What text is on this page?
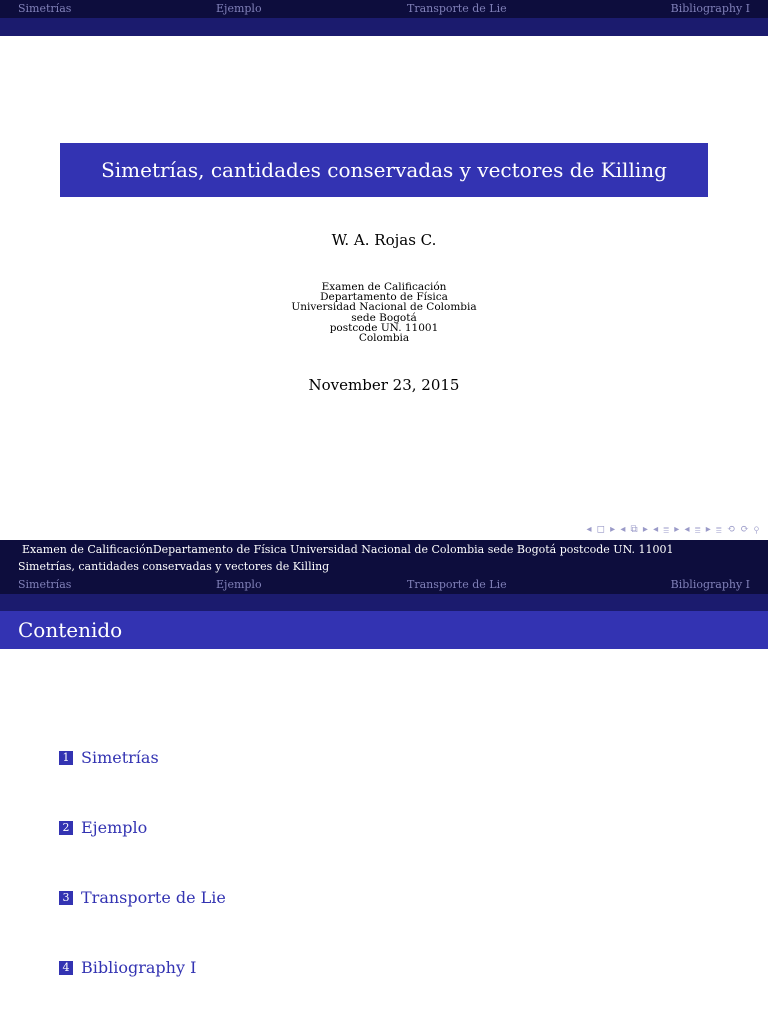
Simetrías	Ejemplo	Transporte de Lie	Bibliography I
Simetrías, cantidades conservadas y vectores de Killing
W. A. Rojas C.
Examen de Calificación
Departamento de Física
Universidad Nacional de Colombia
sede Bogotá
postcode UN. 11001
Colombia
November 23, 2015
◂ ◻ ▸ ◂ ⧉ ▸ ◂ ≣ ▸ ◂ ≣ ▸ ≣ ⟲ ⟳ ⚲
Examen de CalificaciónDepartamento de Física Universidad Nacional de Colombia sede Bogotá postcode UN. 11001
Simetrías, cantidades conservadas y vectores de Killing
Simetrías	Ejemplo	Transporte de Lie	Bibliography I
Contenido
1 Simetrías
2 Ejemplo
3 Transporte de Lie
4 Bibliography I
